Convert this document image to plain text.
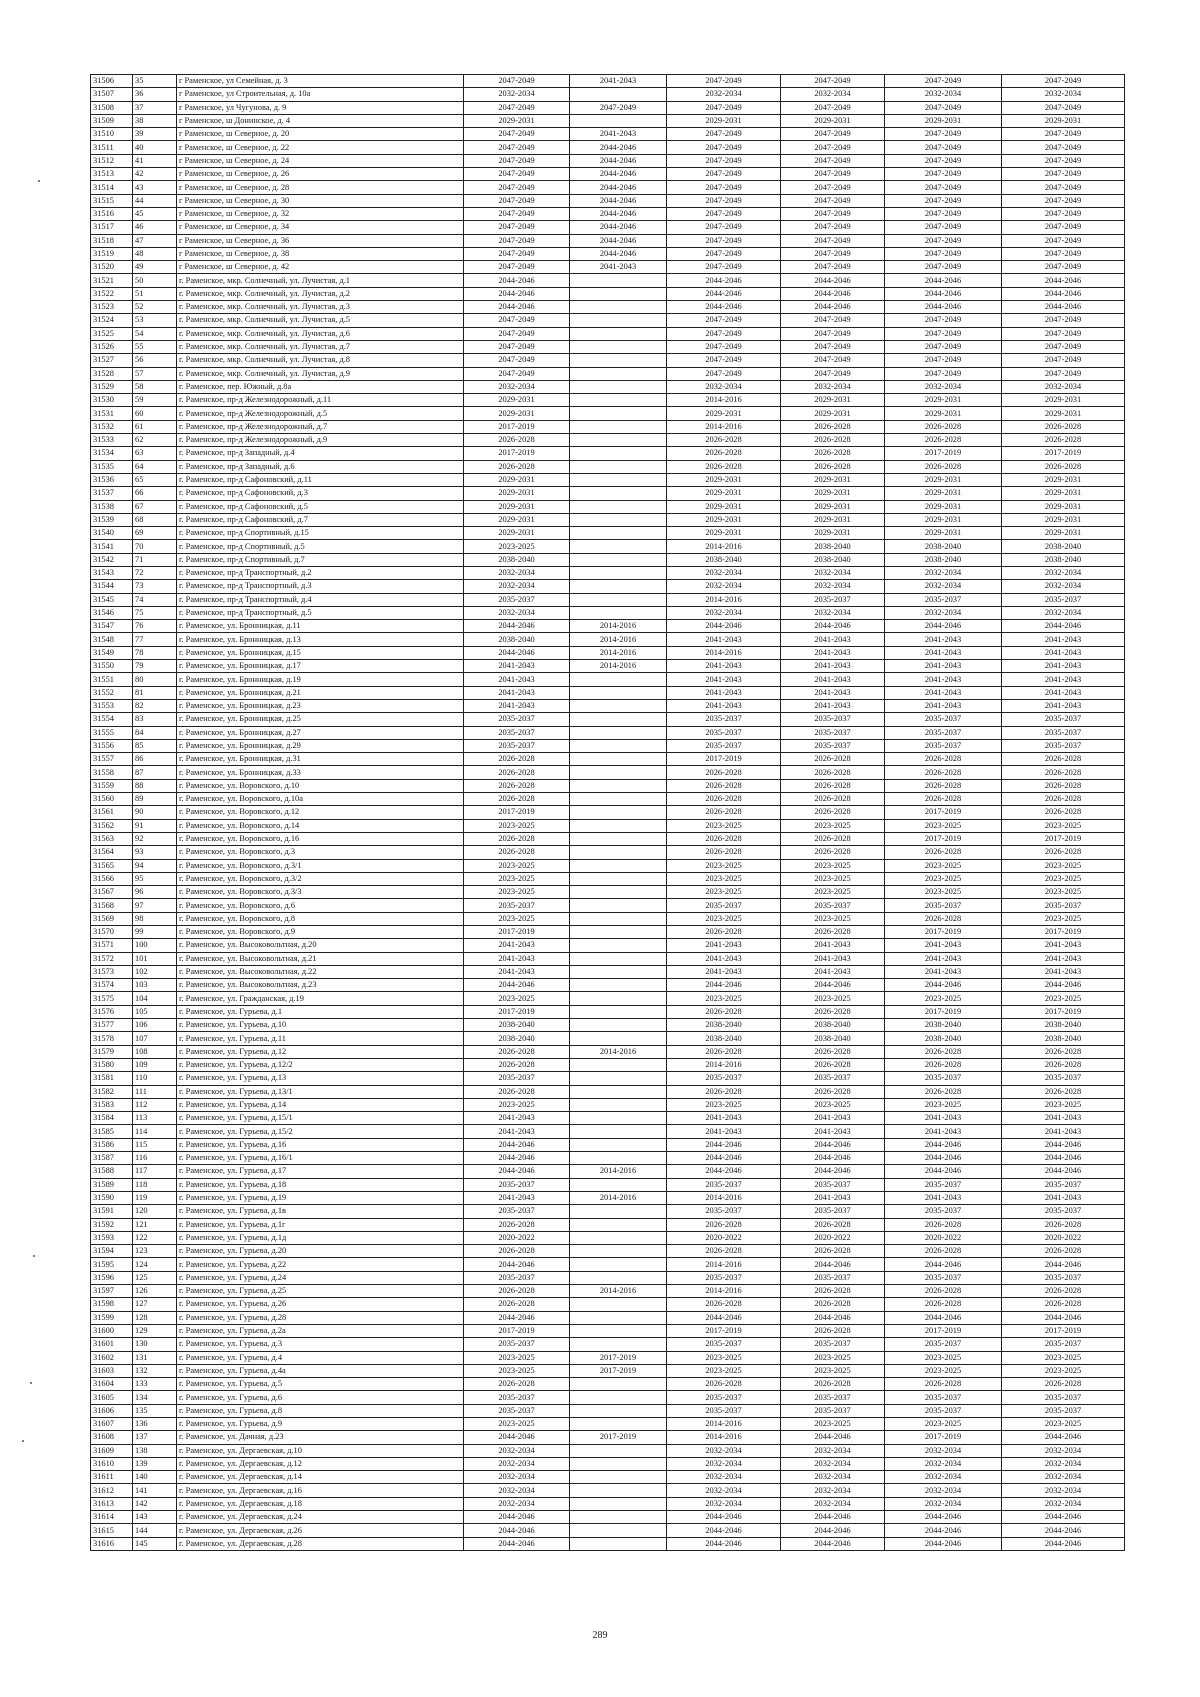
31506	35	г Раменское, ул Семейная, д. 3	2047-2049	2041-2043	2047-2049	2047-2049	2047-2049	2047-2049
31507	36	г Раменское, ул Строительная, д. 10а	2032-2034		2032-2034	2032-2034	2032-2034	2032-2034
31508	37	г Раменское, ул Чугунова, д. 9	2047-2049	2047-2049	2047-2049	2047-2049	2047-2049	2047-2049
31509	38	г Раменское, ш Донинское, д. 4	2029-2031		2029-2031	2029-2031	2029-2031	2029-2031
31510	39	г Раменское, ш Северное, д. 20	2047-2049	2041-2043	2047-2049	2047-2049	2047-2049	2047-2049
31511	40	г Раменское, ш Северное, д. 22	2047-2049	2044-2046	2047-2049	2047-2049	2047-2049	2047-2049
31512	41	г Раменское, ш Северное, д. 24	2047-2049	2044-2046	2047-2049	2047-2049	2047-2049	2047-2049
31513	42	г Раменское, ш Северное, д. 26	2047-2049	2044-2046	2047-2049	2047-2049	2047-2049	2047-2049
31514	43	г Раменское, ш Северное, д. 28	2047-2049	2044-2046	2047-2049	2047-2049	2047-2049	2047-2049
31515	44	г Раменское, ш Северное, д. 30	2047-2049	2044-2046	2047-2049	2047-2049	2047-2049	2047-2049
31516	45	г Раменское, ш Северное, д. 32	2047-2049	2044-2046	2047-2049	2047-2049	2047-2049	2047-2049
31517	46	г Раменское, ш Северное, д. 34	2047-2049	2044-2046	2047-2049	2047-2049	2047-2049	2047-2049
31518	47	г Раменское, ш Северное, д. 36	2047-2049	2044-2046	2047-2049	2047-2049	2047-2049	2047-2049
31519	48	г Раменское, ш Северное, д. 38	2047-2049	2044-2046	2047-2049	2047-2049	2047-2049	2047-2049
31520	49	г Раменское, ш Северное, д. 42	2047-2049	2041-2043	2047-2049	2047-2049	2047-2049	2047-2049
31521	50	г. Раменское, мкр. Солнечный, ул. Лучистая, д.1	2044-2046		2044-2046	2044-2046	2044-2046	2044-2046
31522	51	г. Раменское, мкр. Солнечный, ул. Лучистая, д.2	2044-2046		2044-2046	2044-2046	2044-2046	2044-2046
31523	52	г. Раменское, мкр. Солнечный, ул. Лучистая, д.3	2044-2046		2044-2046	2044-2046	2044-2046	2044-2046
31524	53	г. Раменское, мкр. Солнечный, ул. Лучистая, д.5	2047-2049		2047-2049	2047-2049	2047-2049	2047-2049
31525	54	г. Раменское, мкр. Солнечный, ул. Лучистая, д.6	2047-2049		2047-2049	2047-2049	2047-2049	2047-2049
31526	55	г. Раменское, мкр. Солнечный, ул. Лучистая, д.7	2047-2049		2047-2049	2047-2049	2047-2049	2047-2049
31527	56	г. Раменское, мкр. Солнечный, ул. Лучистая, д.8	2047-2049		2047-2049	2047-2049	2047-2049	2047-2049
31528	57	г. Раменское, мкр. Солнечный, ул. Лучистая, д.9	2047-2049		2047-2049	2047-2049	2047-2049	2047-2049
31529	58	г. Раменское, пер. Южный, д.8а	2032-2034		2032-2034	2032-2034	2032-2034	2032-2034
31530	59	г. Раменское, пр-д Железнодорожный, д.11	2029-2031		2014-2016	2029-2031	2029-2031	2029-2031
31531	60	г. Раменское, пр-д Железнодорожный, д.5	2029-2031		2029-2031	2029-2031	2029-2031	2029-2031
31532	61	г. Раменское, пр-д Железнодорожный, д.7	2017-2019		2014-2016	2026-2028	2026-2028	2026-2028
31533	62	г. Раменское, пр-д Железнодорожный, д.9	2026-2028		2026-2028	2026-2028	2026-2028	2026-2028
31534	63	г. Раменское, пр-д Западный, д.4	2017-2019		2026-2028	2026-2028	2017-2019	2017-2019
31535	64	г. Раменское, пр-д Западный, д.6	2026-2028		2026-2028	2026-2028	2026-2028	2026-2028
31536	65	г. Раменское, пр-д Сафоновский, д.11	2029-2031		2029-2031	2029-2031	2029-2031	2029-2031
31537	66	г. Раменское, пр-д Сафоновский, д.3	2029-2031		2029-2031	2029-2031	2029-2031	2029-2031
31538	67	г. Раменское, пр-д Сафоновский, д.5	2029-2031		2029-2031	2029-2031	2029-2031	2029-2031
31539	68	г. Раменское, пр-д Сафоновский, д.7	2029-2031		2029-2031	2029-2031	2029-2031	2029-2031
31540	69	г. Раменское, пр-д Спортивный, д.15	2029-2031		2029-2031	2029-2031	2029-2031	2029-2031
31541	70	г. Раменское, пр-д Спортивный, д.5	2023-2025		2014-2016	2038-2040	2038-2040	2038-2040
31542	71	г. Раменское, пр-д Спортивный, д.7	2038-2040		2038-2040	2038-2040	2038-2040	2038-2040
31543	72	г. Раменское, пр-д Транспортный, д.2	2032-2034		2032-2034	2032-2034	2032-2034	2032-2034
31544	73	г. Раменское, пр-д Транспортный, д.3	2032-2034		2032-2034	2032-2034	2032-2034	2032-2034
31545	74	г. Раменское, пр-д Транспортный, д.4	2035-2037		2014-2016	2035-2037	2035-2037	2035-2037
31546	75	г. Раменское, пр-д Транспортный, д.5	2032-2034		2032-2034	2032-2034	2032-2034	2032-2034
31547	76	г. Раменское, ул. Бронницкая, д.11	2044-2046	2014-2016	2044-2046	2044-2046	2044-2046	2044-2046
31548	77	г. Раменское, ул. Бронницкая, д.13	2038-2040	2014-2016	2041-2043	2041-2043	2041-2043	2041-2043
31549	78	г. Раменское, ул. Бронницкая, д.15	2044-2046	2014-2016	2014-2016	2041-2043	2041-2043	2041-2043
31550	79	г. Раменское, ул. Бронницкая, д.17	2041-2043	2014-2016	2041-2043	2041-2043	2041-2043	2041-2043
31551	80	г. Раменское, ул. Бронницкая, д.19	2041-2043		2041-2043	2041-2043	2041-2043	2041-2043
31552	81	г. Раменское, ул. Бронницкая, д.21	2041-2043		2041-2043	2041-2043	2041-2043	2041-2043
31553	82	г. Раменское, ул. Бронницкая, д.23	2041-2043		2041-2043	2041-2043	2041-2043	2041-2043
31554	83	г. Раменское, ул. Бронницкая, д.25	2035-2037		2035-2037	2035-2037	2035-2037	2035-2037
31555	84	г. Раменское, ул. Бронницкая, д.27	2035-2037		2035-2037	2035-2037	2035-2037	2035-2037
31556	85	г. Раменское, ул. Бронницкая, д.29	2035-2037		2035-2037	2035-2037	2035-2037	2035-2037
31557	86	г. Раменское, ул. Бронницкая, д.31	2026-2028		2017-2019	2026-2028	2026-2028	2026-2028
31558	87	г. Раменское, ул. Бронницкая, д.33	2026-2028		2026-2028	2026-2028	2026-2028	2026-2028
31559	88	г. Раменское, ул. Воровского, д.10	2026-2028		2026-2028	2026-2028	2026-2028	2026-2028
31560	89	г. Раменское, ул. Воровского, д.10а	2026-2028		2026-2028	2026-2028	2026-2028	2026-2028
31561	90	г. Раменское, ул. Воровского, д.12	2017-2019		2026-2028	2026-2028	2017-2019	2026-2028
31562	91	г. Раменское, ул. Воровского, д.14	2023-2025		2023-2025	2023-2025	2023-2025	2023-2025
31563	92	г. Раменское, ул. Воровского, д.16	2026-2028		2026-2028	2026-2028	2017-2019	2017-2019
31564	93	г. Раменское, ул. Воровского, д.3	2026-2028		2026-2028	2026-2028	2026-2028	2026-2028
31565	94	г. Раменское, ул. Воровского, д.3/1	2023-2025		2023-2025	2023-2025	2023-2025	2023-2025
31566	95	г. Раменское, ул. Воровского, д.3/2	2023-2025		2023-2025	2023-2025	2023-2025	2023-2025
31567	96	г. Раменское, ул. Воровского, д.3/3	2023-2025		2023-2025	2023-2025	2023-2025	2023-2025
31568	97	г. Раменское, ул. Воровского, д.6	2035-2037		2035-2037	2035-2037	2035-2037	2035-2037
31569	98	г. Раменское, ул. Воровского, д.8	2023-2025		2023-2025	2023-2025	2026-2028	2023-2025
31570	99	г. Раменское, ул. Воровского, д.9	2017-2019		2026-2028	2026-2028	2017-2019	2017-2019
31571	100	г. Раменское, ул. Высоковольтная, д.20	2041-2043		2041-2043	2041-2043	2041-2043	2041-2043
31572	101	г. Раменское, ул. Высоковольтная, д.21	2041-2043		2041-2043	2041-2043	2041-2043	2041-2043
31573	102	г. Раменское, ул. Высоковольтная, д.22	2041-2043		2041-2043	2041-2043	2041-2043	2041-2043
31574	103	г. Раменское, ул. Высоковольтная, д.23	2044-2046		2044-2046	2044-2046	2044-2046	2044-2046
31575	104	г. Раменское, ул. Гражданская, д.19	2023-2025		2023-2025	2023-2025	2023-2025	2023-2025
31576	105	г. Раменское, ул. Гурьева, д.1	2017-2019		2026-2028	2026-2028	2017-2019	2017-2019
31577	106	г. Раменское, ул. Гурьева, д.10	2038-2040		2038-2040	2038-2040	2038-2040	2038-2040
31578	107	г. Раменское, ул. Гурьева, д.11	2038-2040		2038-2040	2038-2040	2038-2040	2038-2040
31579	108	г. Раменское, ул. Гурьева, д.12	2026-2028	2014-2016	2026-2028	2026-2028	2026-2028	2026-2028
31580	109	г. Раменское, ул. Гурьева, д.12/2	2026-2028		2014-2016	2026-2028	2026-2028	2026-2028
31581	110	г. Раменское, ул. Гурьева, д.13	2035-2037		2035-2037	2035-2037	2035-2037	2035-2037
31582	111	г. Раменское, ул. Гурьева, д.13/1	2026-2028		2026-2028	2026-2028	2026-2028	2026-2028
31583	112	г. Раменское, ул. Гурьева, д.14	2023-2025		2023-2025	2023-2025	2023-2025	2023-2025
31584	113	г. Раменское, ул. Гурьева, д.15/1	2041-2043		2041-2043	2041-2043	2041-2043	2041-2043
31585	114	г. Раменское, ул. Гурьева, д.15/2	2041-2043		2041-2043	2041-2043	2041-2043	2041-2043
31586	115	г. Раменское, ул. Гурьева, д.16	2044-2046		2044-2046	2044-2046	2044-2046	2044-2046
31587	116	г. Раменское, ул. Гурьева, д.16/1	2044-2046		2044-2046	2044-2046	2044-2046	2044-2046
31588	117	г. Раменское, ул. Гурьева, д.17	2044-2046	2014-2016	2044-2046	2044-2046	2044-2046	2044-2046
31589	118	г. Раменское, ул. Гурьева, д.18	2035-2037		2035-2037	2035-2037	2035-2037	2035-2037
31590	119	г. Раменское, ул. Гурьева, д.19	2041-2043	2014-2016	2014-2016	2041-2043	2041-2043	2041-2043
31591	120	г. Раменское, ул. Гурьева, д.1в	2035-2037		2035-2037	2035-2037	2035-2037	2035-2037
31592	121	г. Раменское, ул. Гурьева, д.1г	2026-2028		2026-2028	2026-2028	2026-2028	2026-2028
31593	122	г. Раменское, ул. Гурьева, д.1д	2020-2022		2020-2022	2020-2022	2020-2022	2020-2022
31594	123	г. Раменское, ул. Гурьева, д.20	2026-2028		2026-2028	2026-2028	2026-2028	2026-2028
31595	124	г. Раменское, ул. Гурьева, д.22	2044-2046		2014-2016	2044-2046	2044-2046	2044-2046
31596	125	г. Раменское, ул. Гурьева, д.24	2035-2037		2035-2037	2035-2037	2035-2037	2035-2037
31597	126	г. Раменское, ул. Гурьева, д.25	2026-2028	2014-2016	2014-2016	2026-2028	2026-2028	2026-2028
31598	127	г. Раменское, ул. Гурьева, д.26	2026-2028		2026-2028	2026-2028	2026-2028	2026-2028
31599	128	г. Раменское, ул. Гурьева, д.28	2044-2046		2044-2046	2044-2046	2044-2046	2044-2046
31600	129	г. Раменское, ул. Гурьева, д.2а	2017-2019		2017-2019	2026-2028	2017-2019	2017-2019
31601	130	г. Раменское, ул. Гурьева, д.3	2035-2037		2035-2037	2035-2037	2035-2037	2035-2037
31602	131	г. Раменское, ул. Гурьева, д.4	2023-2025	2017-2019	2023-2025	2023-2025	2023-2025	2023-2025
31603	132	г. Раменское, ул. Гурьева, д.4а	2023-2025	2017-2019	2023-2025	2023-2025	2023-2025	2023-2025
31604	133	г. Раменское, ул. Гурьева, д.5	2026-2028		2026-2028	2026-2028	2026-2028	2026-2028
31605	134	г. Раменское, ул. Гурьева, д.6	2035-2037		2035-2037	2035-2037	2035-2037	2035-2037
31606	135	г. Раменское, ул. Гурьева, д.8	2035-2037		2035-2037	2035-2037	2035-2037	2035-2037
31607	136	г. Раменское, ул. Гурьева, д.9	2023-2025		2014-2016	2023-2025	2023-2025	2023-2025
31608	137	г. Раменское, ул. Дачная, д.23	2044-2046	2017-2019	2014-2016	2044-2046	2017-2019	2044-2046
31609	138	г. Раменское, ул. Дергаевская, д.10	2032-2034		2032-2034	2032-2034	2032-2034	2032-2034
31610	139	г. Раменское, ул. Дергаевская, д.12	2032-2034		2032-2034	2032-2034	2032-2034	2032-2034
31611	140	г. Раменское, ул. Дергаевская, д.14	2032-2034		2032-2034	2032-2034	2032-2034	2032-2034
31612	141	г. Раменское, ул. Дергаевская, д.16	2032-2034		2032-2034	2032-2034	2032-2034	2032-2034
31613	142	г. Раменское, ул. Дергаевская, д.18	2032-2034		2032-2034	2032-2034	2032-2034	2032-2034
31614	143	г. Раменское, ул. Дергаевская, д.24	2044-2046		2044-2046	2044-2046	2044-2046	2044-2046
31615	144	г. Раменское, ул. Дергаевская, д.26	2044-2046		2044-2046	2044-2046	2044-2046	2044-2046
31616	145	г. Раменское, ул. Дергаевская, д.28	2044-2046		2044-2046	2044-2046	2044-2046	2044-2046
289
